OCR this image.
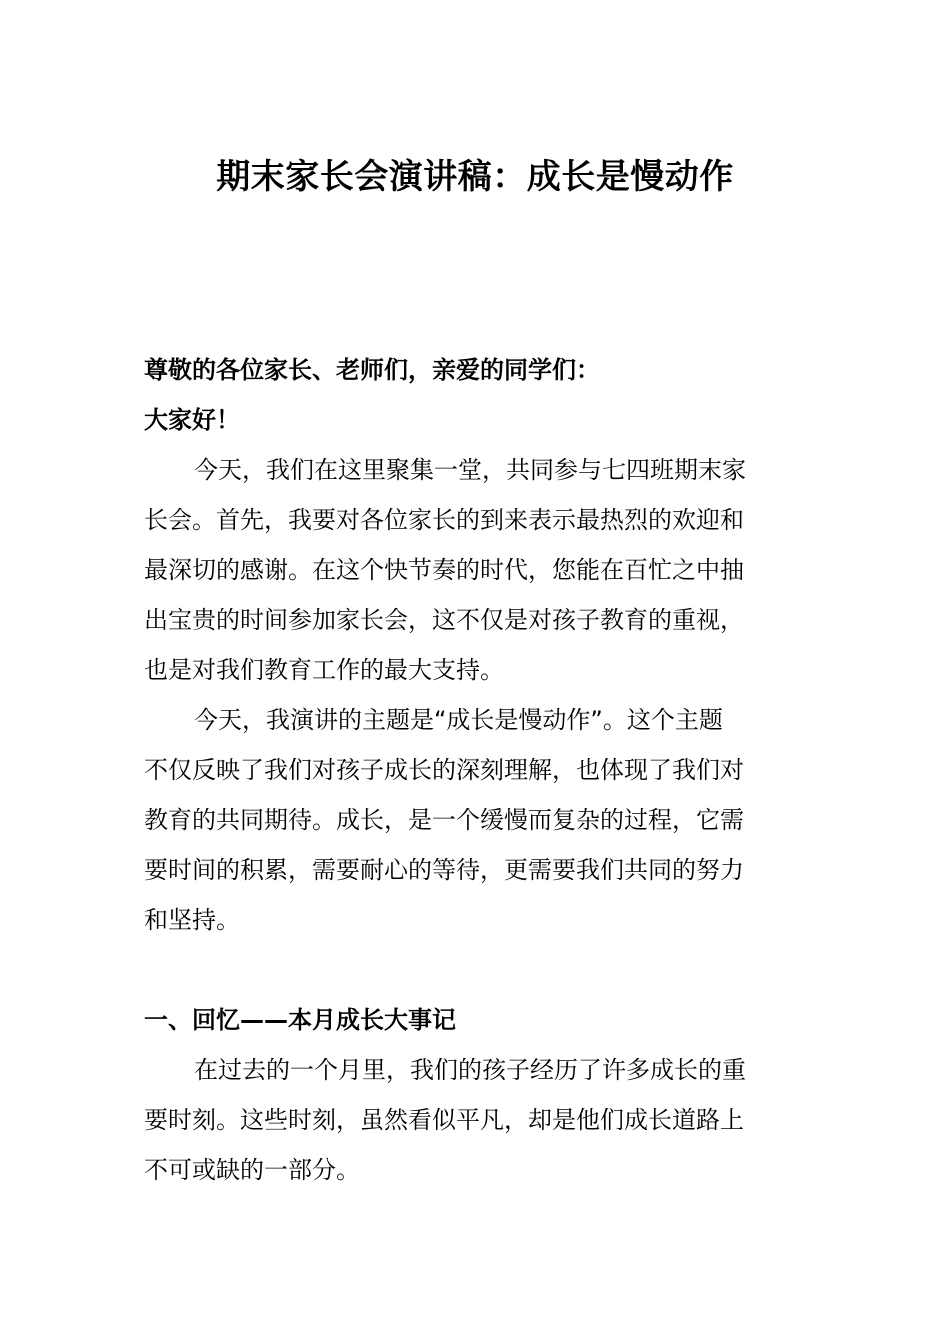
期末家长会演讲稿：成长是慢动作
尊敬的各位家长、老师们，亲爱的同学们：
大家好！
今天，我们在这里聚集一堂，共同参与七四班期末家
长会。首先，我要对各位家长的到来表示最热烈的欢迎和
最深切的感谢。在这个快节奏的时代，您能在百忙之中抽
出宝贵的时间参加家长会，这不仅是对孩子教育的重视，
也是对我们教育工作的最大支持。
今天，我演讲的主题是“成长是慢动作”。这个主题
不仅反映了我们对孩子成长的深刻理解，也体现了我们对
教育的共同期待。成长，是一个缓慢而复杂的过程，它需
要时间的积累，需要耐心的等待，更需要我们共同的努力
和坚持。
一、回忆——本月成长大事记
在过去的一个月里，我们的孩子经历了许多成长的重
要时刻。这些时刻，虽然看似平凡，却是他们成长道路上
不可或缺的一部分。
